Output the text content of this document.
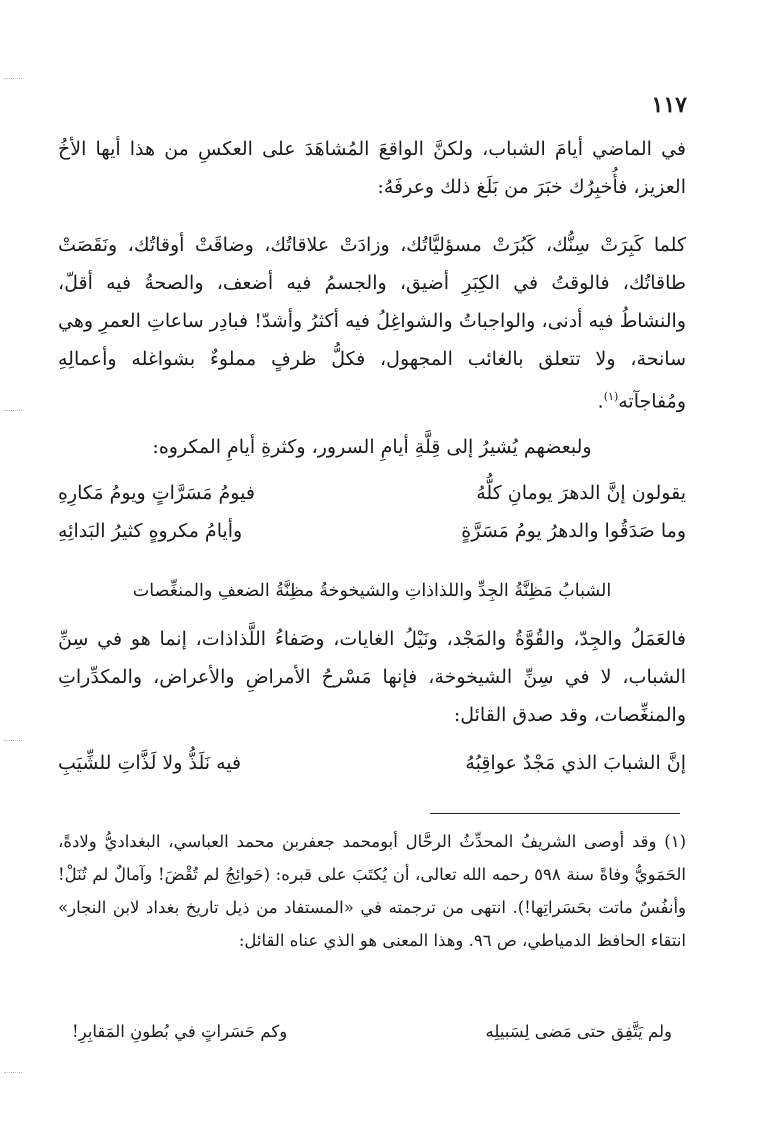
١١٧

في الماضي أيامَ الشباب، ولكنَّ الواقعَ المُشاهَدَ على العكسِ من هذا أيها الأخُ العزيز، فأُخبِرُك خبَرَ من بَلَغ ذلك وعرفَهُ:

كلما كَبِرَتْ سِنُّك، كَبُرَتْ مسؤليَّاتُك، وزادَتْ علاقاتُك، وضاقَتْ أوقاتُك، ونَقَصَتْ طاقاتُك، فالوقتُ في الكِبَرِ أضيق، والجسمُ فيه أضعف، والصحةُ فيه أقلّ، والنشاطُ فيه أدنى، والواجباتُ والشواغِلُ فيه أكثرُ وأشدّ! فبادِر ساعاتِ العمرِ وهي سانحة، ولا تتعلق بالغائب المجهول، فكلُّ ظرفٍ مملوءٌ بشواغله وأعمالِهِ ومُفاجآته$^{(١)}$.

ولبعضهم يُشيرُ إلى قِلَّةِ أيامِ السرور، وكثرةِ أيامِ المكروه:

يقولون إنَّ الدهرَ يومانِ كلُّهُ
فيومُ مَسَرَّاتٍ ويومُ مَكارِهِ
وما صَدَقُوا والدهرُ يومُ مَسَرَّةٍ
وأيامُ مكروهٍ كثيرُ البَدائِهِ

الشبابُ مَظِنَّةُ الجِدِّ واللذاذاتِ والشيخوخةُ مظِنَّةُ الضعفِ والمنغِّصات

فالعَمَلُ والجِدّ، والقُوَّةُ والمَجْد، ونَيْلُ الغايات، وصَفاءُ اللَّذاذات، إنما هو في سِنِّ الشباب، لا في سِنِّ الشيخوخة، فإنها مَسْرحُ الأمراضِ والأعراض، والمكدِّراتِ والمنغِّصات، وقد صدق القائل:

إنَّ الشبابَ الذي مَجْدٌ عواقِبُهُ
فيه نَلَذُّ ولا لَذَّاتِ للشِّيَبِ

(١) وقد أوصى الشريفُ المحدِّثُ الرحَّال أبومحمد جعفربن محمد العباسي، البغداديُّ ولادةً، الحَمَويُّ وفاةً سنة ٥٩٨ رحمه الله تعالى، أن يُكتَبَ على قبره: (حَوائِجُ لم تُقْضَ! وآمالٌ لم تُنَلْ! وأنفُسٌ ماتت بحَسَراتِها!). انتهى من ترجمته في «المستفاد من ذيل تاريخ بغداد لابن النجار» انتقاء الحافظ الدمياطي، ص ٩٦. وهذا المعنى هو الذي عناه القائل:

ولم يَتَّفِق حتى مَضى لِسَبيلِه
وكم حَسَراتٍ في بُطونِ المَقابِرِ!
